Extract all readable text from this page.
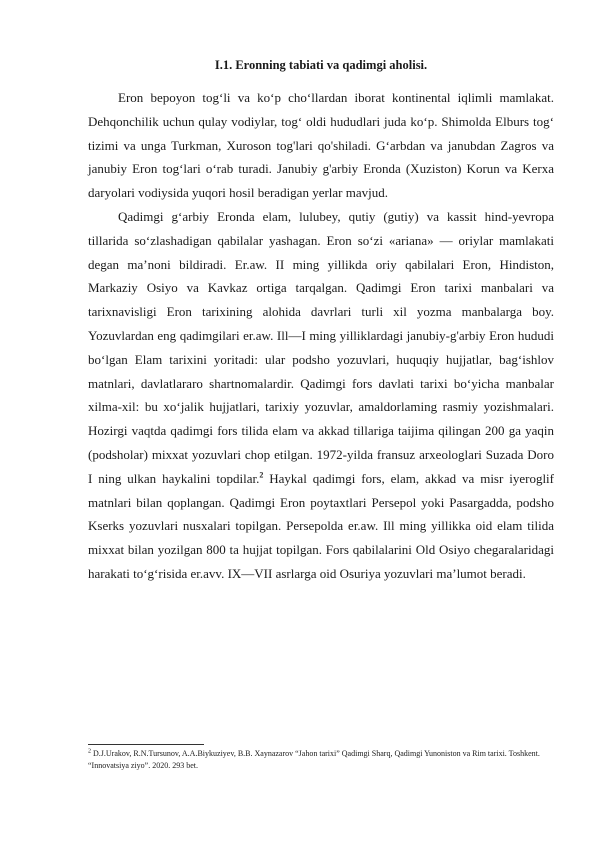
I.1. Eronning tabiati va qadimgi aholisi.

Eron bepoyon tog‘li va ko‘p cho‘llardan iborat kontinental iqlimli mamlakat. Dehqonchilik uchun qulay vodiylar, tog‘ oldi hududlari juda ko‘p. Shimolda Elburs tog‘ tizimi va unga Turkman, Xuroson tog'lari qo'shiladi. G‘arbdan va janubdan Zagros va janubiy Eron tog‘lari o‘rab turadi. Janubiy g'arbiy Eronda (Xuziston) Korun va Kerxa daryolari vodiysida yuqori hosil beradigan yerlar mavjud.

Qadimgi g‘arbiy Eronda elam, lulubey, qutiy (gutiy) va kassit hind-yevropa tillarida so‘zlashadigan qabilalar yashagan. Eron so‘zi «ariana» — oriylar mamlakati degan ma’noni bildiradi. Er.aw. II ming yillikda oriy qabilalari Eron, Hindiston, Markaziy Osiyo va Kavkaz ortiga tarqalgan. Qadimgi Eron tarixi manbalari va tarixnavisligi Eron tarixining alohida davrlari turli xil yozma manbalarga boy. Yozuvlardan eng qadimgilari er.aw. Ill—I ming yilliklardagi janubiy-g'arbiy Eron hududi bo‘lgan Elam tarixini yoritadi: ular podsho yozuvlari, huquqiy hujjatlar, bag‘ishlov matnlari, davlatlararo shartnomalardir. Qadimgi fors davlati tarixi bo‘yicha manbalar xilma-xil: bu xo‘jalik hujjatlari, tarixiy yozuvlar, amaldorlaming rasmiy yozishmalari. Hozirgi vaqtda qadimgi fors tilida elam va akkad tillariga taijima qilingan 200 ga yaqin (podsholar) mixxat yozuvlari chop etilgan. 1972-yilda fransuz arxeologlari Suzada Doro I ning ulkan haykalini topdilar.$^2$ Haykal qadimgi fors, elam, akkad va misr iyeroglif matnlari bilan qoplangan. Qadimgi Eron poytaxtlari Persepol yoki Pasargadda, podsho Kserks yozuvlari nusxalari topilgan. Persepolda er.aw. Ill ming yillikka oid elam tilida mixxat bilan yozilgan 800 ta hujjat topilgan. Fors qabilalarini Old Osiyo chegaralaridagi harakati to‘g‘risida er.avv. IX—VII asrlarga oid Osuriya yozuvlari ma’lumot beradi.

$^2$ D.J.Urakov, R.N.Tursunov, A.A.Biykuziyev, B.B. Xaynazarov “Jahon tarixi” Qadimgi Sharq, Qadimgi Yunoniston va Rim tarixi. Toshkent. “Innovatsiya ziyo”. 2020. 293 bet.
